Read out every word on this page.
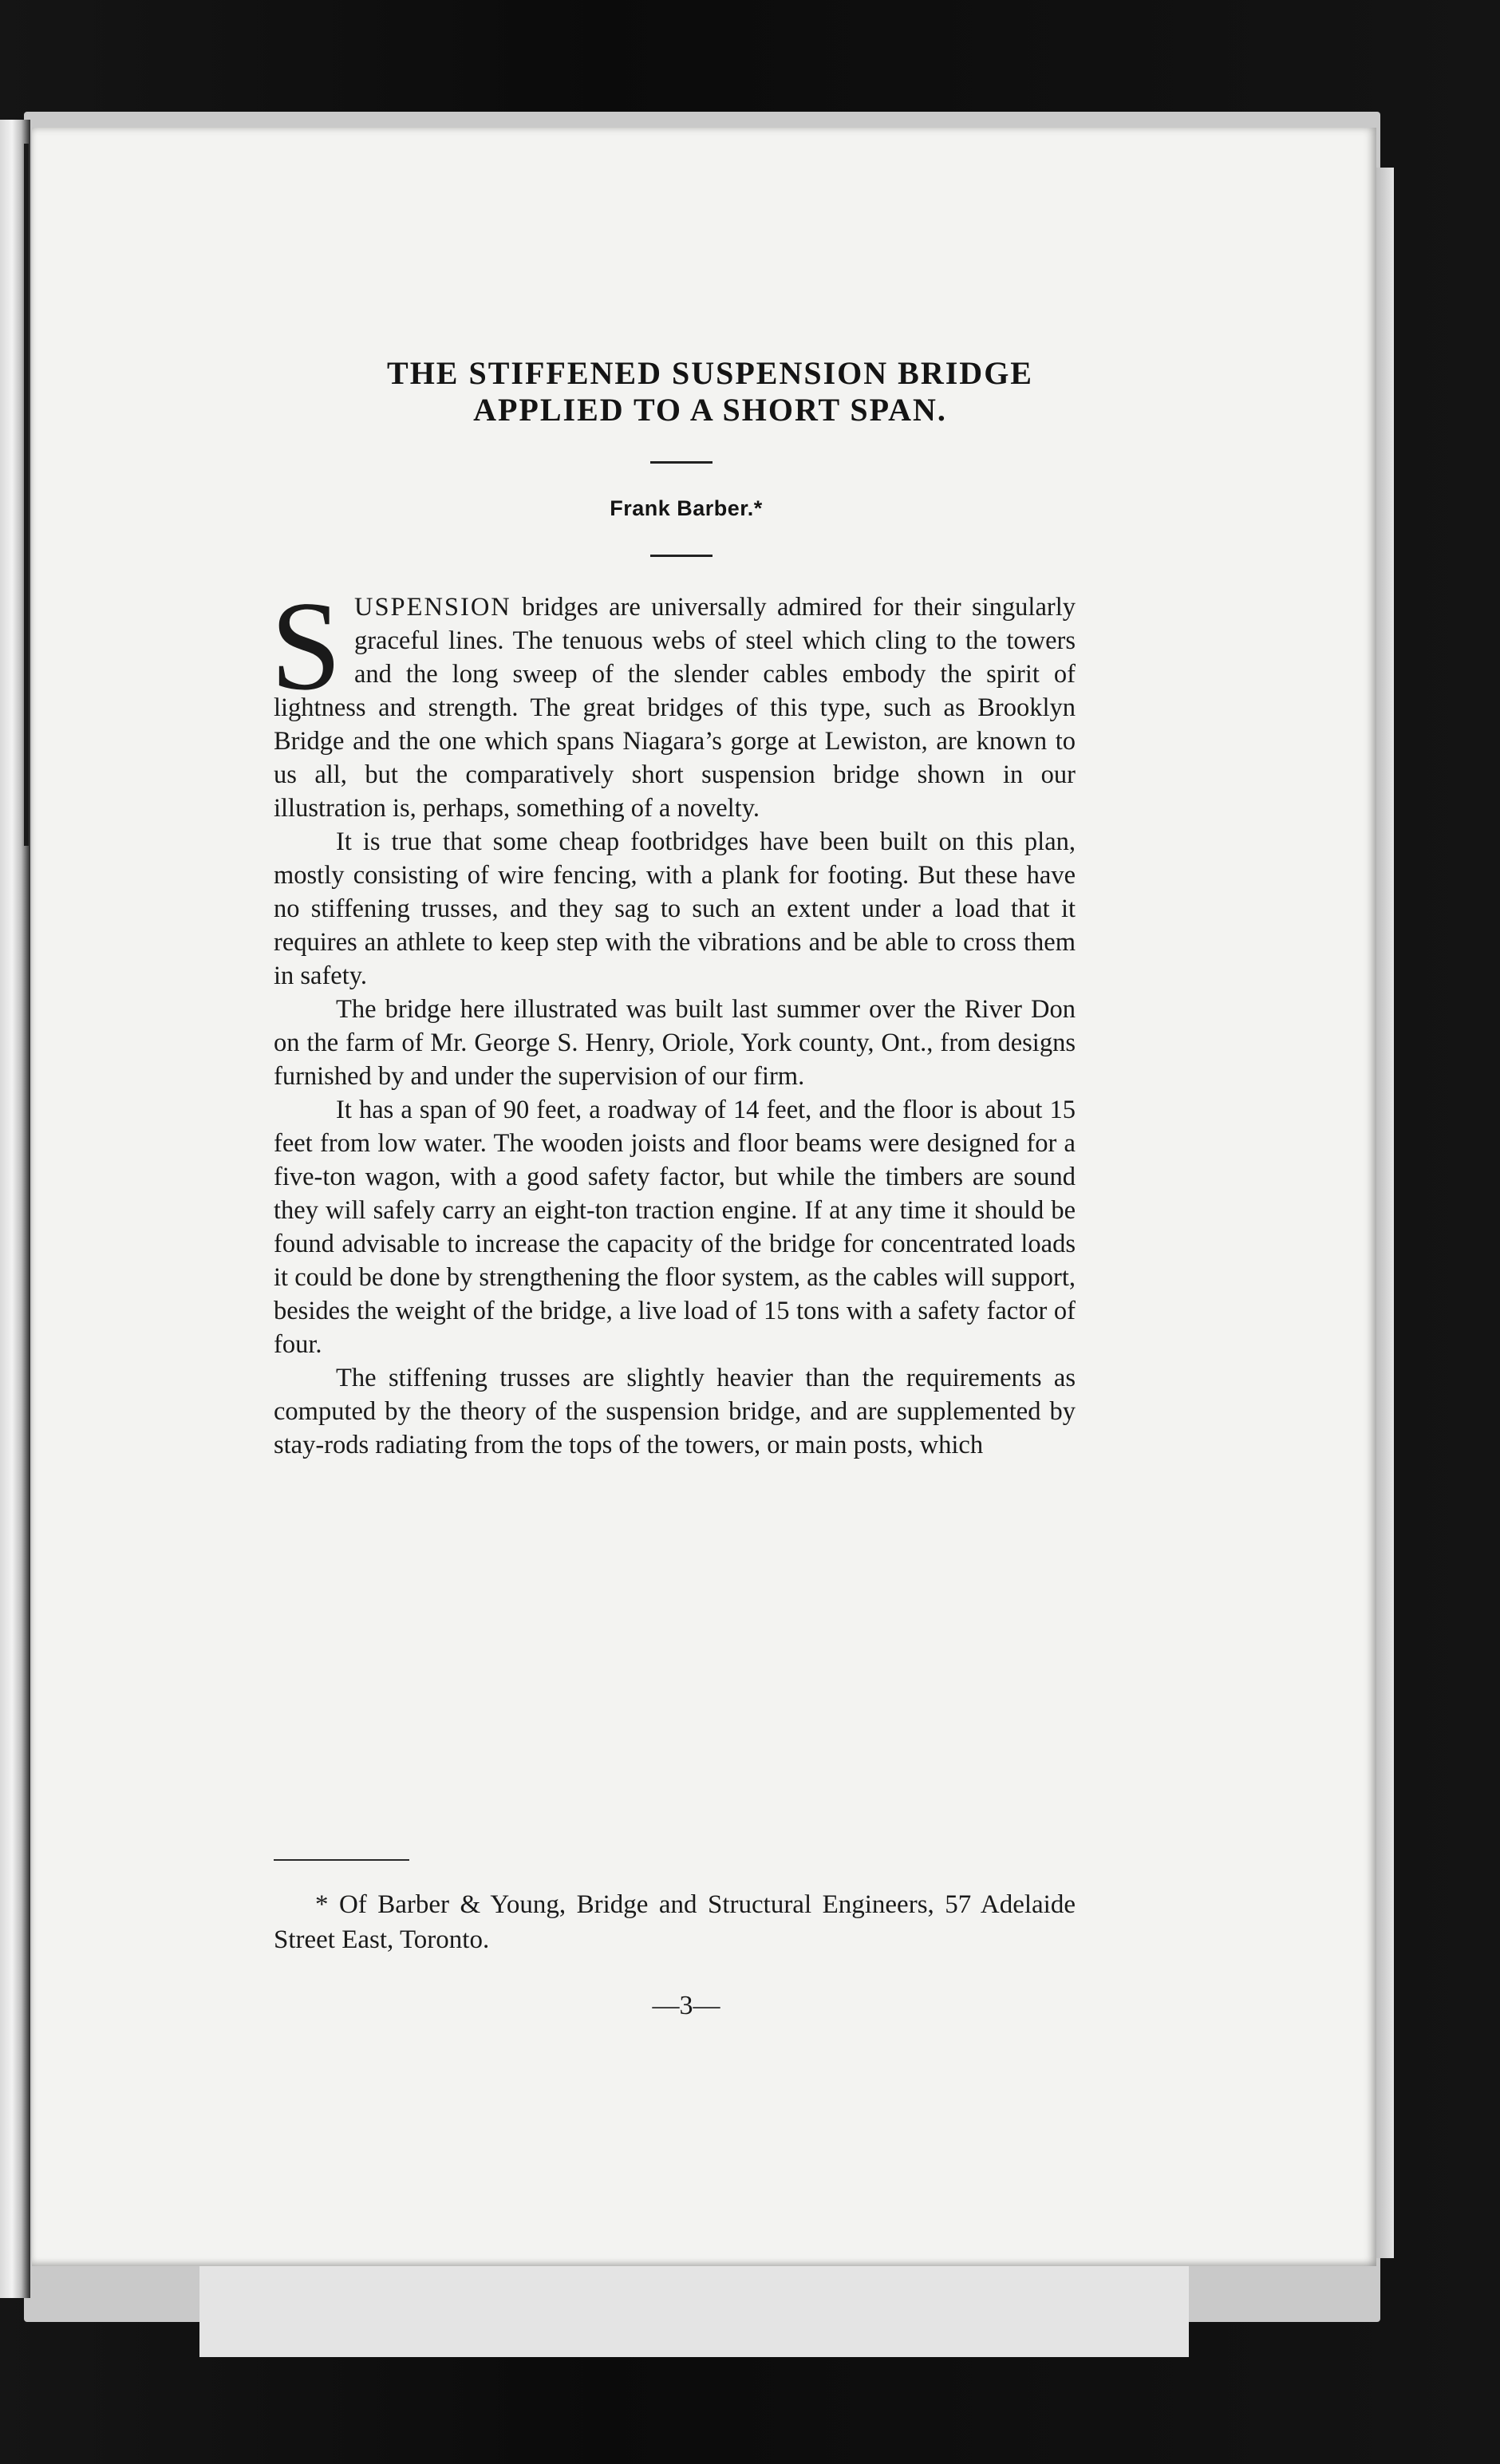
THE STIFFENED SUSPENSION BRIDGE
APPLIED TO A SHORT SPAN.
Frank Barber.*

SUSPENSION bridges are universally admired for their singularly graceful lines. The tenuous webs of steel which cling to the towers and the long sweep of the slender cables embody the spirit of lightness and strength. The great bridges of this type, such as Brooklyn Bridge and the one which spans Niagara’s gorge at Lewiston, are known to us all, but the comparatively short suspension bridge shown in our illustration is, perhaps, something of a novelty.

It is true that some cheap footbridges have been built on this plan, mostly consisting of wire fencing, with a plank for footing. But these have no stiffening trusses, and they sag to such an extent under a load that it requires an athlete to keep step with the vibrations and be able to cross them in safety.

The bridge here illustrated was built last summer over the River Don on the farm of Mr. George S. Henry, Oriole, York county, Ont., from designs furnished by and under the supervision of our firm.

It has a span of 90 feet, a roadway of 14 feet, and the floor is about 15 feet from low water. The wooden joists and floor beams were designed for a five-ton wagon, with a good safety factor, but while the timbers are sound they will safely carry an eight-ton traction engine. If at any time it should be found advisable to increase the capacity of the bridge for concentrated loads it could be done by strengthening the floor system, as the cables will support, besides the weight of the bridge, a live load of 15 tons with a safety factor of four.

The stiffening trusses are slightly heavier than the requirements as computed by the theory of the suspension bridge, and are supplemented by stay-rods radiating from the tops of the towers, or main posts, which

* Of Barber & Young, Bridge and Structural Engineers, 57 Adelaide Street East, Toronto.
—3—
